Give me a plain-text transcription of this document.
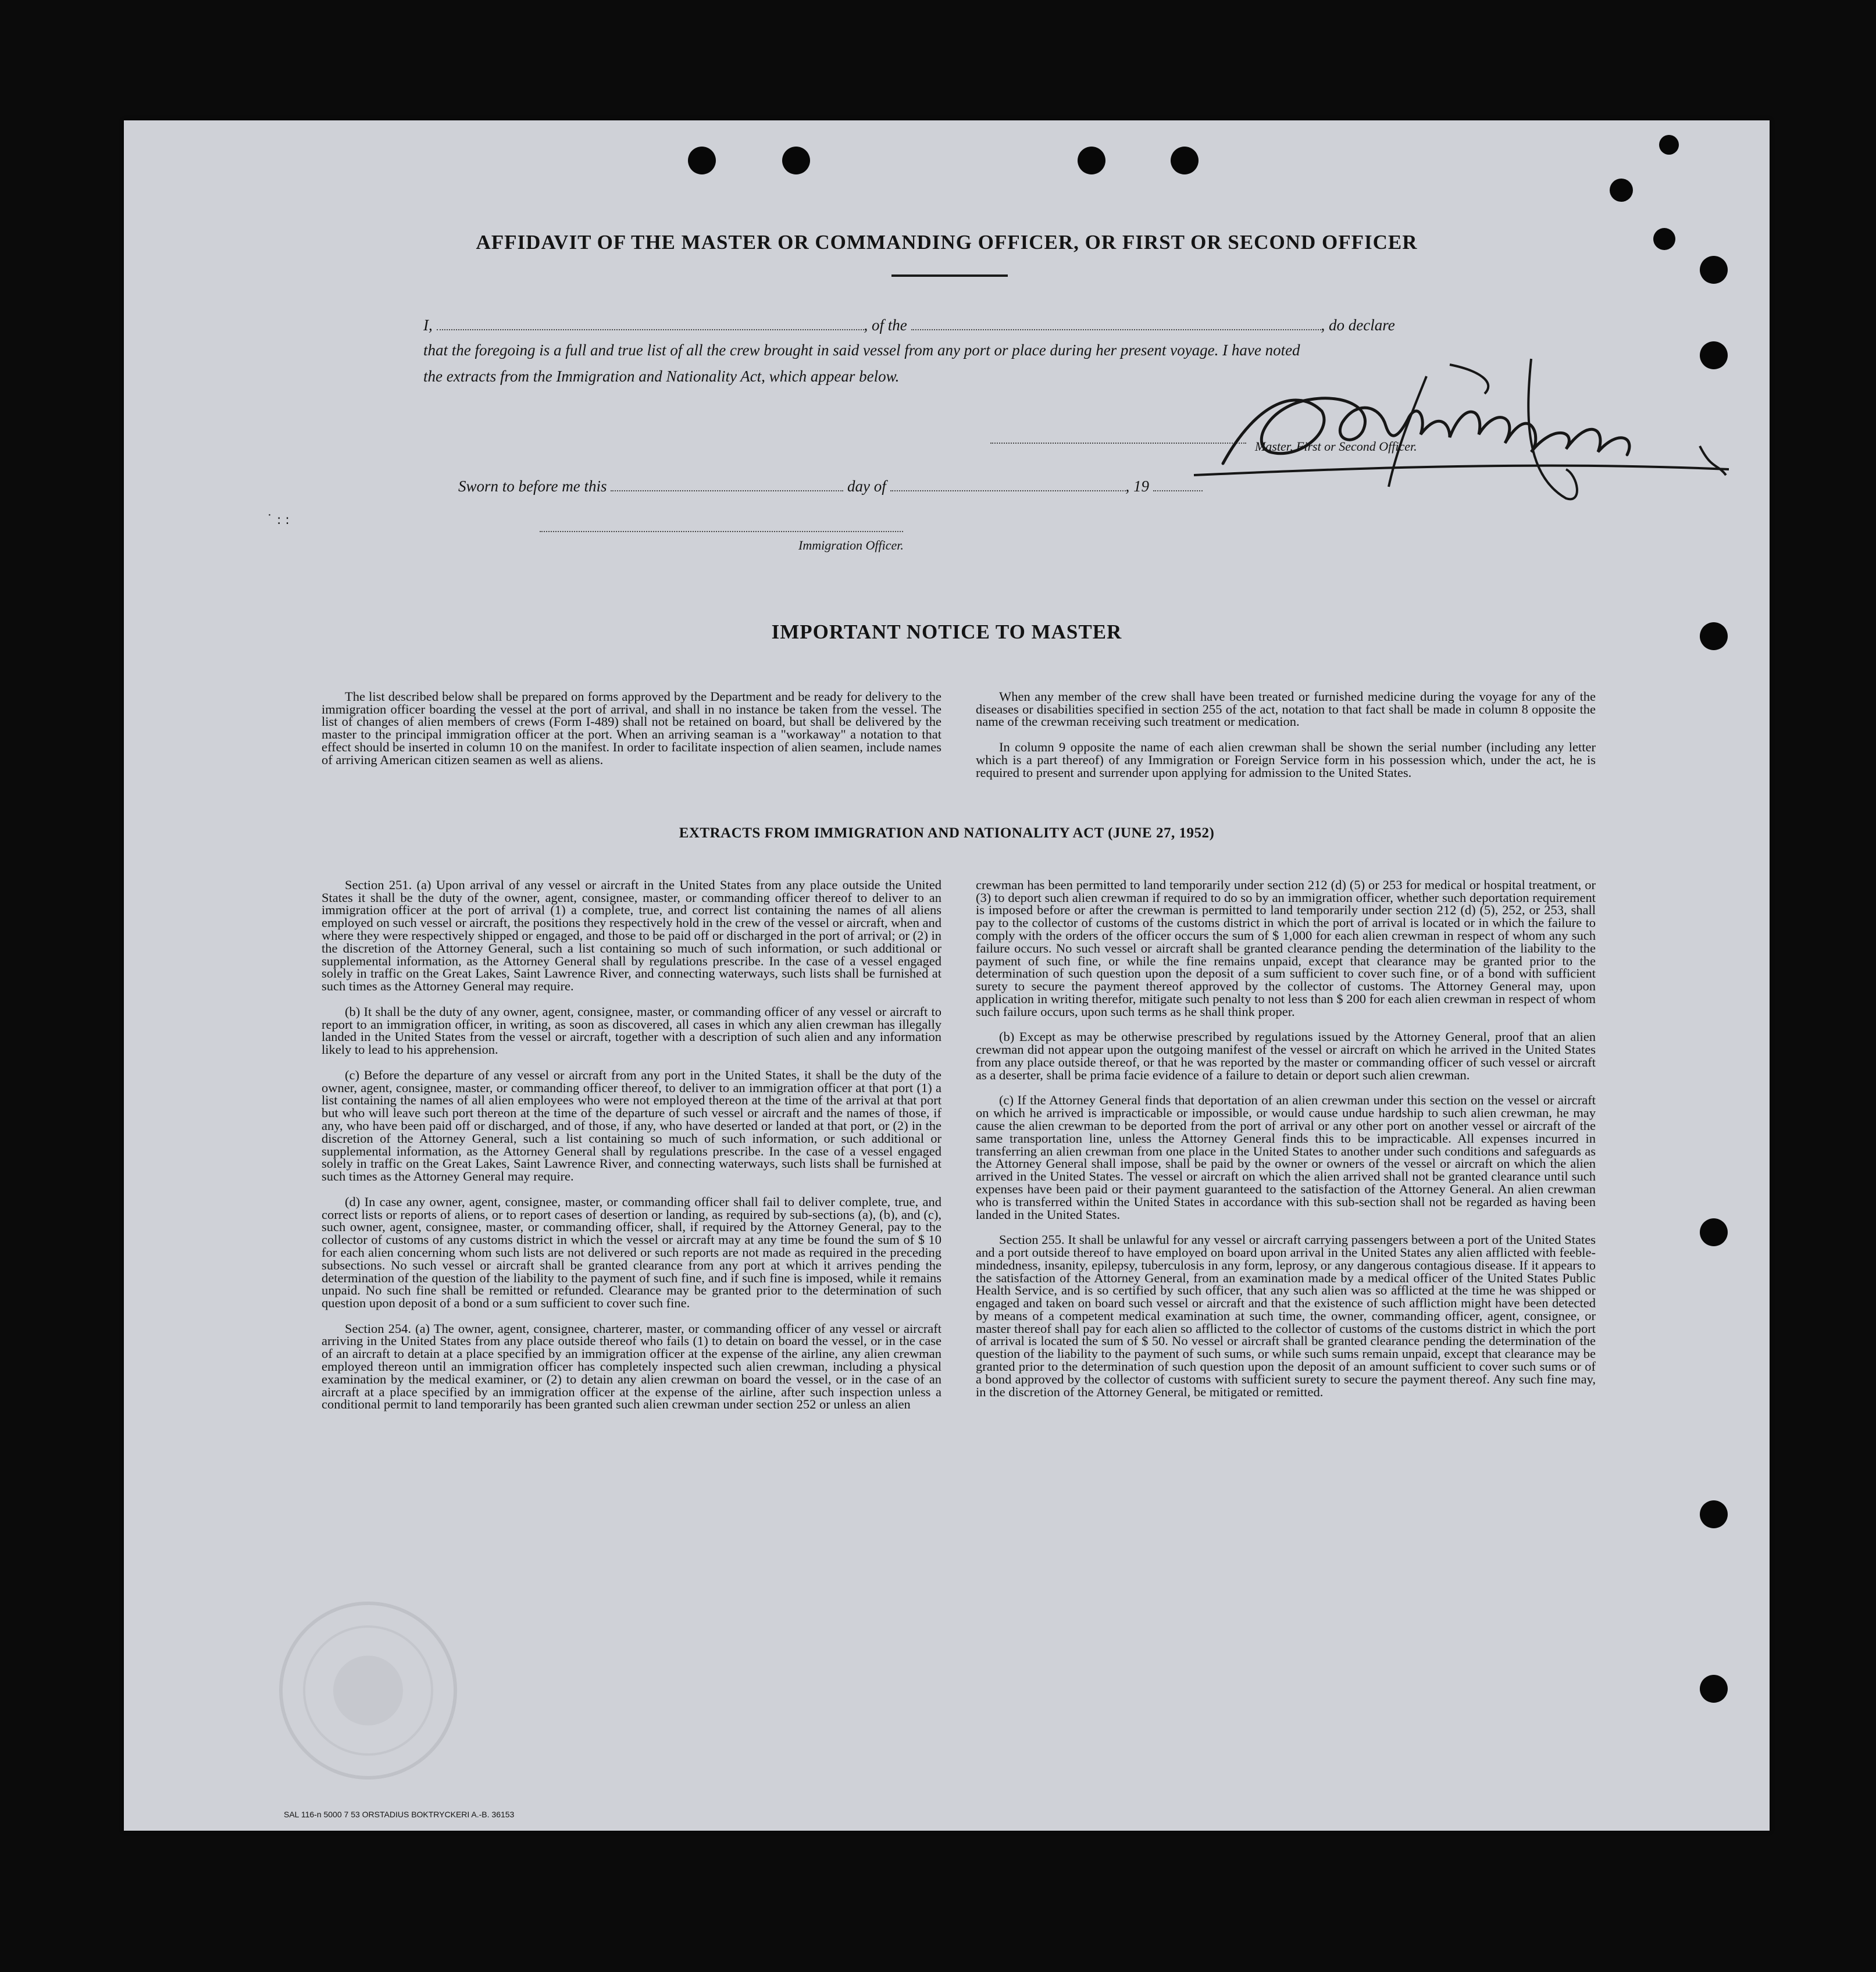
AFFIDAVIT OF THE MASTER OR COMMANDING OFFICER, OR FIRST OR SECOND OFFICER
I,	, of the	, do declare
that the foregoing is a full and true list of all the crew brought in said vessel from any port or place during her present voyage. I have noted
the extracts from the Immigration and Nationality Act, which appear below.
Master, First or Second Officer.
Sworn to before me this	day of	, 19
Immigration Officer.
˙ : :
IMPORTANT NOTICE TO MASTER

The list described below shall be prepared on forms approved by the Department and be ready for delivery to the immigration officer boarding the vessel at the port of arrival, and shall in no instance be taken from the vessel. The list of changes of alien members of crews (Form I-489) shall not be retained on board, but shall be delivered by the master to the principal immigration officer at the port. When an arriving seaman is a "workaway" a notation to that effect should be inserted in column 10 on the manifest. In order to facilitate inspection of alien seamen, include names of arriving American citizen seamen as well as aliens.

When any member of the crew shall have been treated or furnished medicine during the voyage for any of the diseases or disabilities specified in section 255 of the act, notation to that fact shall be made in column 8 opposite the name of the crewman receiving such treatment or medication.

In column 9 opposite the name of each alien crewman shall be shown the serial number (including any letter which is a part thereof) of any Immigration or Foreign Service form in his possession which, under the act, he is required to present and surrender upon applying for admission to the United States.

EXTRACTS FROM IMMIGRATION AND NATIONALITY ACT (JUNE 27, 1952)

Section 251. (a) Upon arrival of any vessel or aircraft in the United States from any place outside the United States it shall be the duty of the owner, agent, consignee, master, or commanding officer thereof to deliver to an immigration officer at the port of arrival (1) a complete, true, and correct list containing the names of all aliens employed on such vessel or aircraft, the positions they respectively hold in the crew of the vessel or aircraft, when and where they were respectively shipped or engaged, and those to be paid off or discharged in the port of arrival; or (2) in the discretion of the Attorney General, such a list containing so much of such information, or such additional or supplemental information, as the Attorney General shall by regulations prescribe. In the case of a vessel engaged solely in traffic on the Great Lakes, Saint Lawrence River, and connecting waterways, such lists shall be furnished at such times as the Attorney General may require.

(b) It shall be the duty of any owner, agent, consignee, master, or commanding officer of any vessel or aircraft to report to an immigration officer, in writing, as soon as discovered, all cases in which any alien crewman has illegally landed in the United States from the vessel or aircraft, together with a description of such alien and any information likely to lead to his apprehension.

(c) Before the departure of any vessel or aircraft from any port in the United States, it shall be the duty of the owner, agent, consignee, master, or commanding officer thereof, to deliver to an immigration officer at that port (1) a list containing the names of all alien employees who were not employed thereon at the time of the arrival at that port but who will leave such port thereon at the time of the departure of such vessel or aircraft and the names of those, if any, who have been paid off or discharged, and of those, if any, who have deserted or landed at that port, or (2) in the discretion of the Attorney General, such a list containing so much of such information, or such additional or supplemental information, as the Attorney General shall by regulations prescribe. In the case of a vessel engaged solely in traffic on the Great Lakes, Saint Lawrence River, and connecting waterways, such lists shall be furnished at such times as the Attorney General may require.

(d) In case any owner, agent, consignee, master, or commanding officer shall fail to deliver complete, true, and correct lists or reports of aliens, or to report cases of desertion or landing, as required by sub-sections (a), (b), and (c), such owner, agent, consignee, master, or commanding officer, shall, if required by the Attorney General, pay to the collector of customs of any customs district in which the vessel or aircraft may at any time be found the sum of $ 10 for each alien concerning whom such lists are not delivered or such reports are not made as required in the preceding subsections. No such vessel or aircraft shall be granted clearance from any port at which it arrives pending the determination of the question of the liability to the payment of such fine, and if such fine is imposed, while it remains unpaid. No such fine shall be remitted or refunded. Clearance may be granted prior to the determination of such question upon deposit of a bond or a sum sufficient to cover such fine.

Section 254. (a) The owner, agent, consignee, charterer, master, or commanding officer of any vessel or aircraft arriving in the United States from any place outside thereof who fails (1) to detain on board the vessel, or in the case of an aircraft to detain at a place specified by an immigration officer at the expense of the airline, any alien crewman employed thereon until an immigration officer has completely inspected such alien crewman, including a physical examination by the medical examiner, or (2) to detain any alien crewman on board the vessel, or in the case of an aircraft at a place specified by an immigration officer at the expense of the airline, after such inspection unless a conditional permit to land temporarily has been granted such alien crewman under section 252 or unless an alien

crewman has been permitted to land temporarily under section 212 (d) (5) or 253 for medical or hospital treatment, or (3) to deport such alien crewman if required to do so by an immigration officer, whether such deportation requirement is imposed before or after the crewman is permitted to land temporarily under section 212 (d) (5), 252, or 253, shall pay to the collector of customs of the customs district in which the port of arrival is located or in which the failure to comply with the orders of the officer occurs the sum of $ 1,000 for each alien crewman in respect of whom any such failure occurs. No such vessel or aircraft shall be granted clearance pending the determination of the liability to the payment of such fine, or while the fine remains unpaid, except that clearance may be granted prior to the determination of such question upon the deposit of a sum sufficient to cover such fine, or of a bond with sufficient surety to secure the payment thereof approved by the collector of customs. The Attorney General may, upon application in writing therefor, mitigate such penalty to not less than $ 200 for each alien crewman in respect of whom such failure occurs, upon such terms as he shall think proper.

(b) Except as may be otherwise prescribed by regulations issued by the Attorney General, proof that an alien crewman did not appear upon the outgoing manifest of the vessel or aircraft on which he arrived in the United States from any place outside thereof, or that he was reported by the master or commanding officer of such vessel or aircraft as a deserter, shall be prima facie evidence of a failure to detain or deport such alien crewman.

(c) If the Attorney General finds that deportation of an alien crewman under this section on the vessel or aircraft on which he arrived is impracticable or impossible, or would cause undue hardship to such alien crewman, he may cause the alien crewman to be deported from the port of arrival or any other port on another vessel or aircraft of the same transportation line, unless the Attorney General finds this to be impracticable. All expenses incurred in transferring an alien crewman from one place in the United States to another under such conditions and safeguards as the Attorney General shall impose, shall be paid by the owner or owners of the vessel or aircraft on which the alien arrived in the United States. The vessel or aircraft on which the alien arrived shall not be granted clearance until such expenses have been paid or their payment guaranteed to the satisfaction of the Attorney General. An alien crewman who is transferred within the United States in accordance with this sub-section shall not be regarded as having been landed in the United States.

Section 255. It shall be unlawful for any vessel or aircraft carrying passengers between a port of the United States and a port outside thereof to have employed on board upon arrival in the United States any alien afflicted with feeble-mindedness, insanity, epilepsy, tuberculosis in any form, leprosy, or any dangerous contagious disease. If it appears to the satisfaction of the Attorney General, from an examination made by a medical officer of the United States Public Health Service, and is so certified by such officer, that any such alien was so afflicted at the time he was shipped or engaged and taken on board such vessel or aircraft and that the existence of such affliction might have been detected by means of a competent medical examination at such time, the owner, commanding officer, agent, consignee, or master thereof shall pay for each alien so afflicted to the collector of customs of the customs district in which the port of arrival is located the sum of $ 50. No vessel or aircraft shall be granted clearance pending the determination of the question of the liability to the payment of such sums, or while such sums remain unpaid, except that clearance may be granted prior to the determination of such question upon the deposit of an amount sufficient to cover such sums or of a bond approved by the collector of customs with sufficient surety to secure the payment thereof. Any such fine may, in the discretion of the Attorney General, be mitigated or remitted.

SAL 116-n 5000 7 53 ORSTADIUS BOKTRYCKERI A.-B. 36153
